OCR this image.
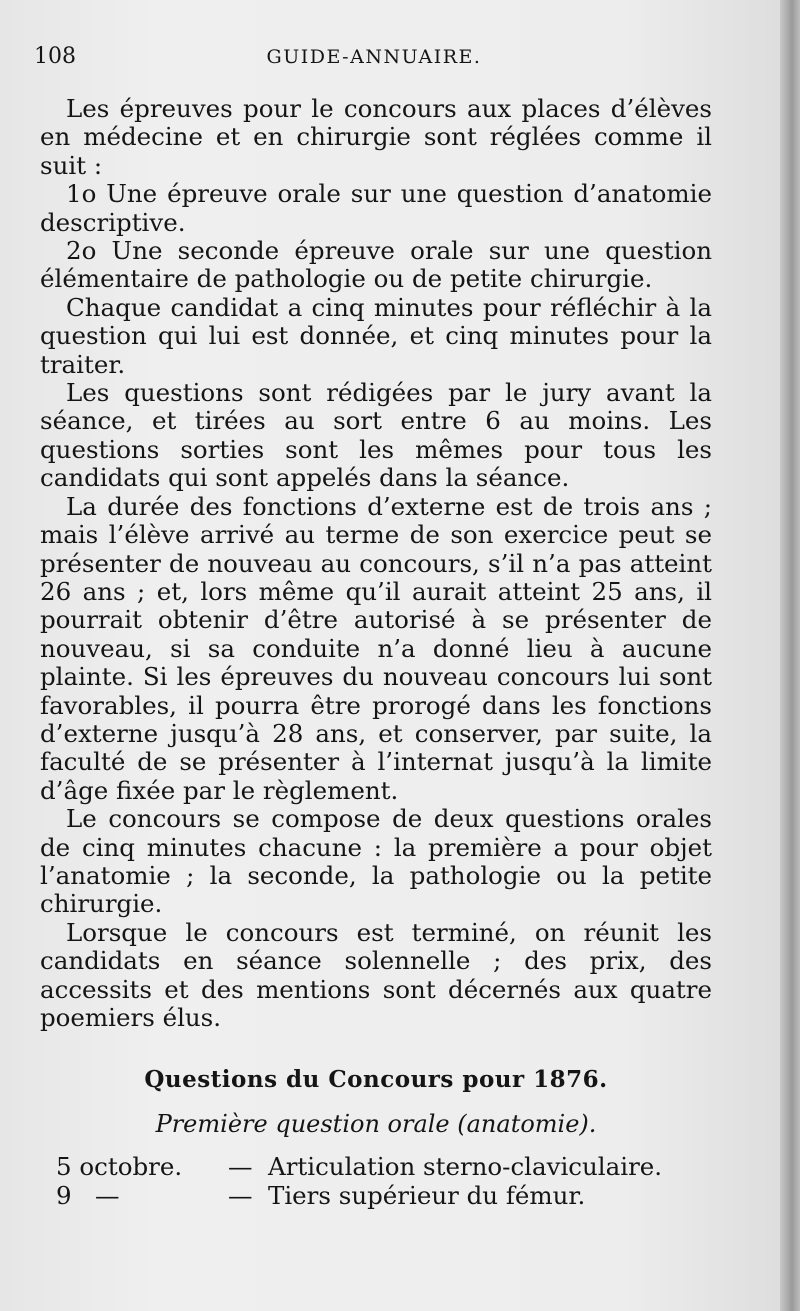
108	GUIDE-ANNUAIRE.

Les épreuves pour le concours aux places d’élèves en médecine et en chirurgie sont réglées comme il suit :

1o Une épreuve orale sur une question d’anatomie descriptive.

2o Une seconde épreuve orale sur une question élémentaire de pathologie ou de petite chirurgie.

Chaque candidat a cinq minutes pour réfléchir à la question qui lui est donnée, et cinq minutes pour la traiter.

Les questions sont rédigées par le jury avant la séance, et tirées au sort entre 6 au moins. Les questions sorties sont les mêmes pour tous les candidats qui sont appelés dans la séance.

La durée des fonctions d’externe est de trois ans ; mais l’élève arrivé au terme de son exercice peut se présenter de nouveau au concours, s’il n’a pas atteint 26 ans ; et, lors même qu’il aurait atteint 25 ans, il pourrait obtenir d’être autorisé à se présenter de nouveau, si sa conduite n’a donné lieu à aucune plainte. Si les épreuves du nouveau concours lui sont favorables, il pourra être prorogé dans les fonctions d’externe jusqu’à 28 ans, et conserver, par suite, la faculté de se présenter à l’internat jusqu’à la limite d’âge fixée par le règlement.

Le concours se compose de deux questions orales de cinq minutes chacune : la première a pour objet l’anatomie ; la seconde, la pathologie ou la petite chirurgie.

Lorsque le concours est terminé, on réunit les candidats en séance solennelle ; des prix, des accessits et des mentions sont décernés aux quatre poemiers élus.

Questions du Concours pour 1876.
Première question orale (anatomie).
5 octobre.	— Articulation sterno-claviculaire.
9   —	— Tiers supérieur du fémur.
